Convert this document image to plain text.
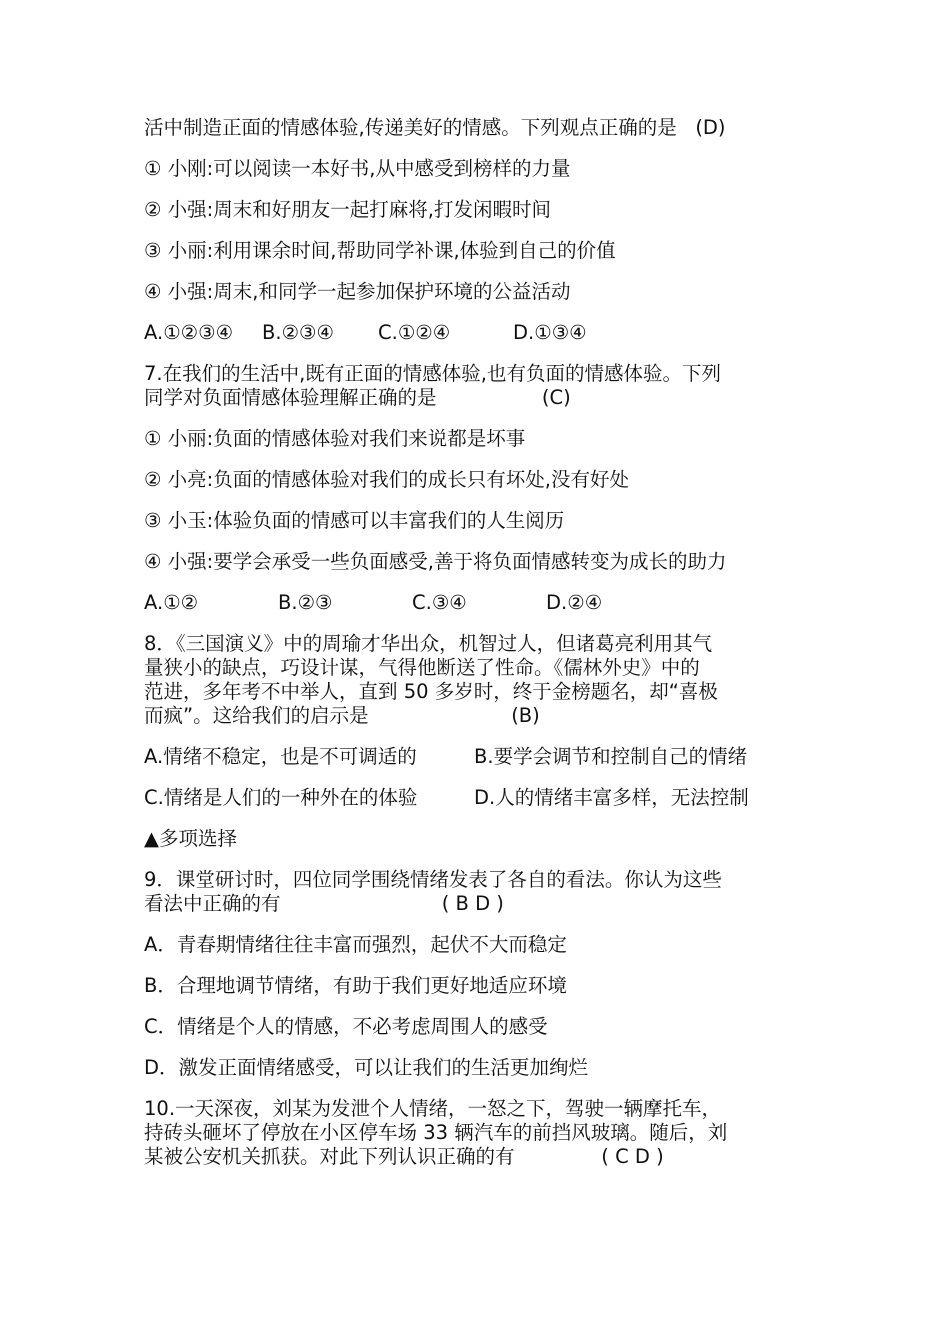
活中制造正面的情感体验,传递美好的情感。下列观点正确的是 (D)

① 小刚:可以阅读一本好书,从中感受到榜样的力量

② 小强:周末和好朋友一起打麻将,打发闲暇时间

③ 小丽:利用课余时间,帮助同学补课,体验到自己的价值

④ 小强:周末,和同学一起参加保护环境的公益活动

A.①②③④	B.②③④	C.①②④	D.①③④

7.在我们的生活中,既有正面的情感体验,也有负面的情感体验。下列
同学对负面情感体验理解正确的是	(C)

① 小丽:负面的情感体验对我们来说都是坏事

② 小亮:负面的情感体验对我们的成长只有坏处,没有好处

③ 小玉:体验负面的情感可以丰富我们的人生阅历

④ 小强:要学会承受一些负面感受,善于将负面情感转变为成长的助力

A.①②	B.②③	C.③④	D.②④

8．《三国演义》中的周瑜才华出众，机智过人，但诸葛亮利用其气
量狭小的缺点，巧设计谋，气得他断送了性命。《儒林外史》中的
范进，多年考不中举人，直到 50 多岁时，终于金榜题名，却“喜极
而疯”。这给我们的启示是	(B)

A.情绪不稳定，也是不可调适的	B.要学会调节和控制自己的情绪
C.情绪是人们的一种外在的体验	D.人的情绪丰富多样，无法控制

▲多项选择

9．课堂研讨时，四位同学围绕情绪发表了各自的看法。你认为这些
看法中正确的有	( B D )

A．青春期情绪往往丰富而强烈，起伏不大而稳定

B．合理地调节情绪，有助于我们更好地适应环境

C．情绪是个人的情感，不必考虑周围人的感受

D．激发正面情绪感受，可以让我们的生活更加绚烂

10.一天深夜，刘某为发泄个人情绪，一怒之下，驾驶一辆摩托车，
持砖头砸坏了停放在小区停车场 33 辆汽车的前挡风玻璃。随后，刘
某被公安机关抓获。对此下列认识正确的有	( C D )
